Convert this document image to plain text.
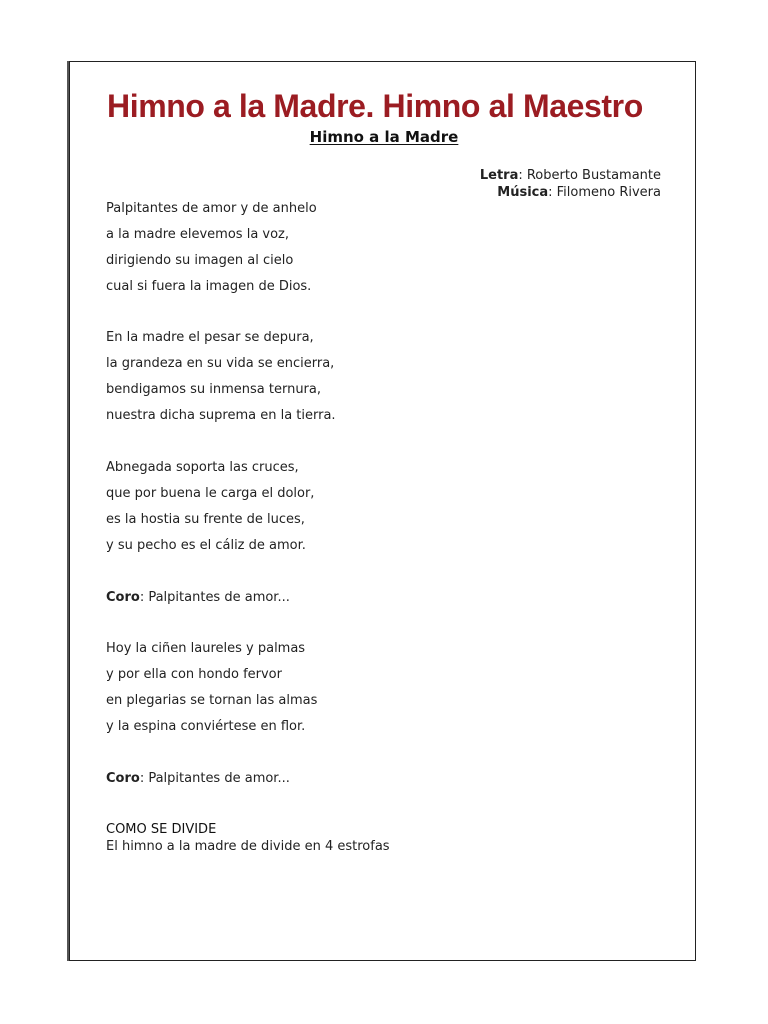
Himno a la Madre. Himno al Maestro
Himno a la Madre
Letra: Roberto Bustamante
Música: Filomeno Rivera
Palpitantes de amor y de anhelo
a la madre elevemos la voz,
dirigiendo su imagen al cielo
cual si fuera la imagen de Dios.
En la madre el pesar se depura,
la grandeza en su vida se encierra,
bendigamos su inmensa ternura,
nuestra dicha suprema en la tierra.
Abnegada soporta las cruces,
que por buena le carga el dolor,
es la hostia su frente de luces,
y su pecho es el cáliz de amor.
Coro: Palpitantes de amor...
Hoy la ciñen laureles y palmas
y por ella con hondo fervor
en plegarias se tornan las almas
y la espina conviértese en flor.
Coro: Palpitantes de amor...
COMO SE DIVIDE
El himno a la madre de divide en 4 estrofas
